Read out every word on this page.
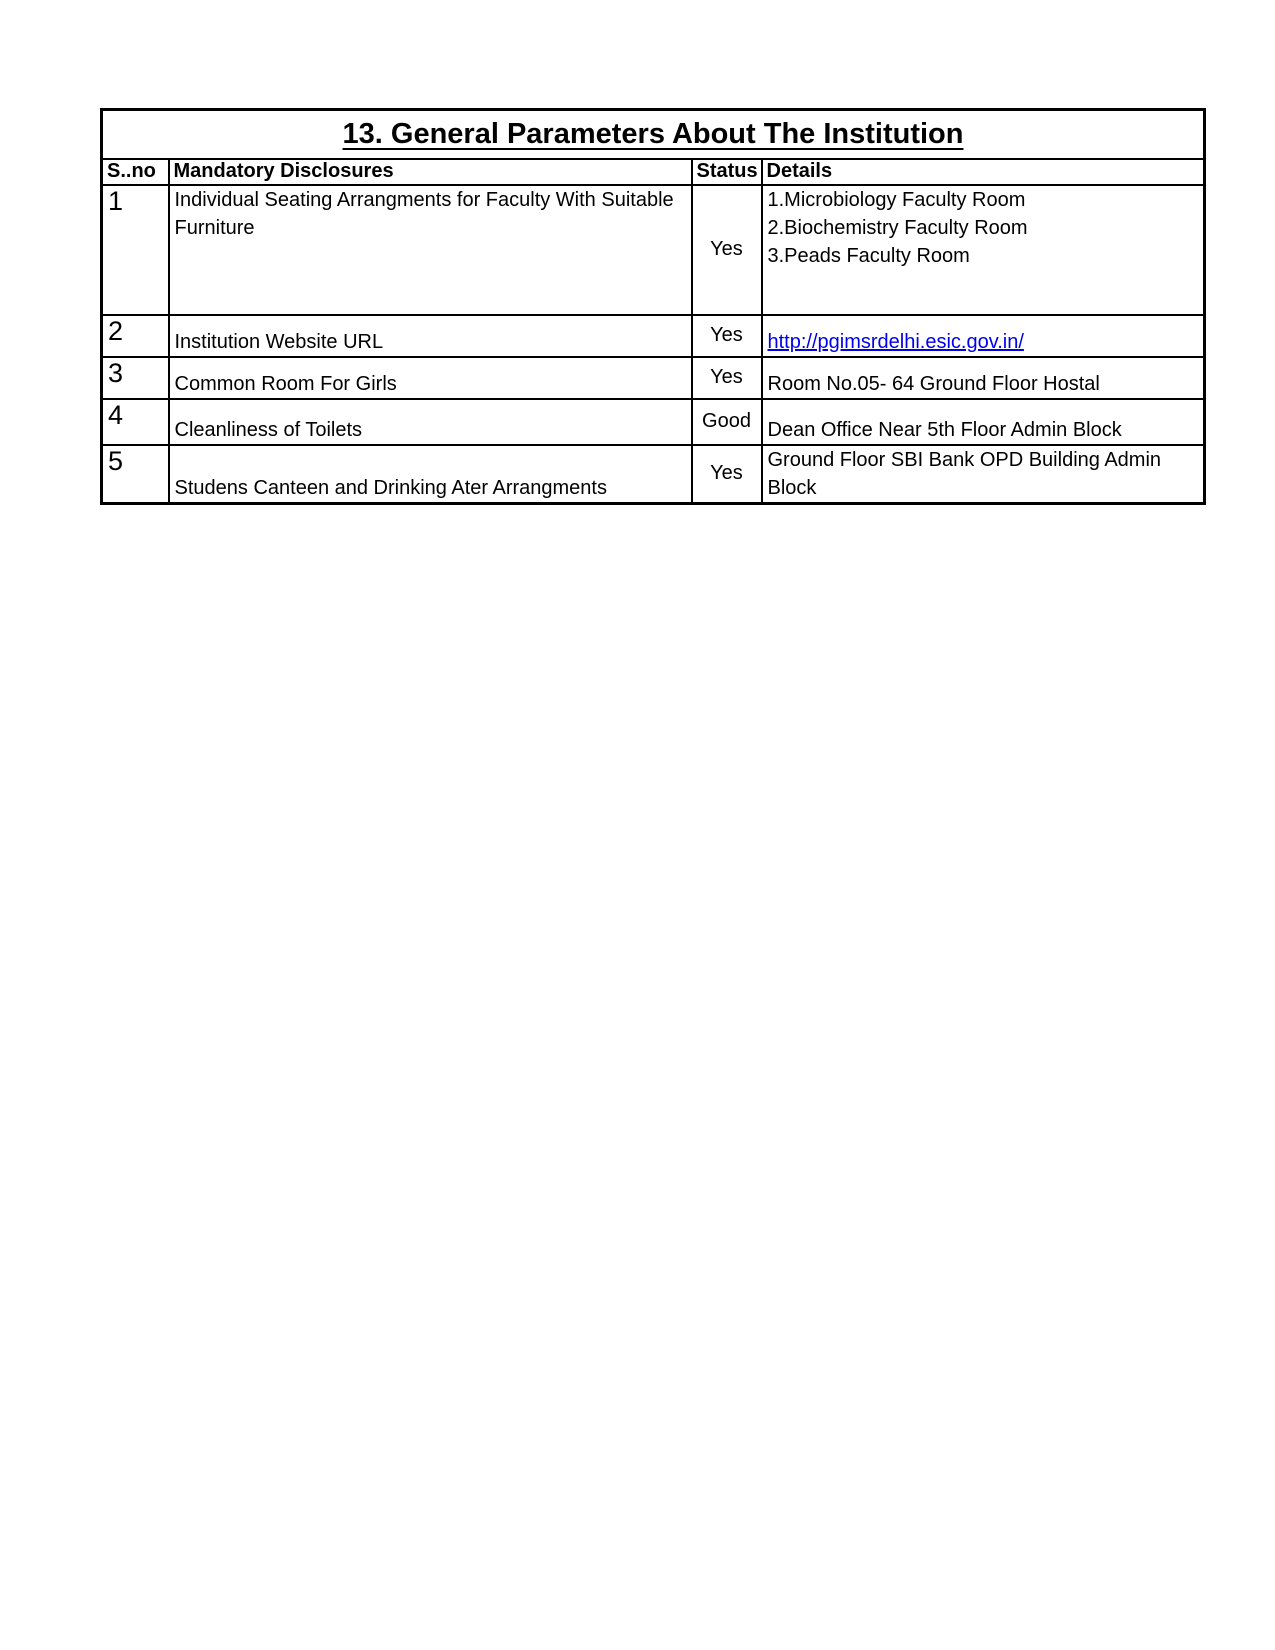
13. General Parameters About The Institution			
S..no	Mandatory Disclosures	Status	Details
1	Individual Seating Arrangments for Faculty With Suitable Furniture	Yes	1.Microbiology Faculty Room
2.Biochemistry Faculty Room
3.Peads Faculty Room

2	Institution Website URL	Yes	http://pgimsrdelhi.esic.gov.in/
3	Common Room For Girls	Yes	Room No.05- 64 Ground Floor Hostal
4	Cleanliness of Toilets	Good	Dean Office Near 5th Floor Admin Block
5	Studens Canteen and Drinking Ater Arrangments	Yes	Ground Floor SBI Bank OPD Building Admin Block
